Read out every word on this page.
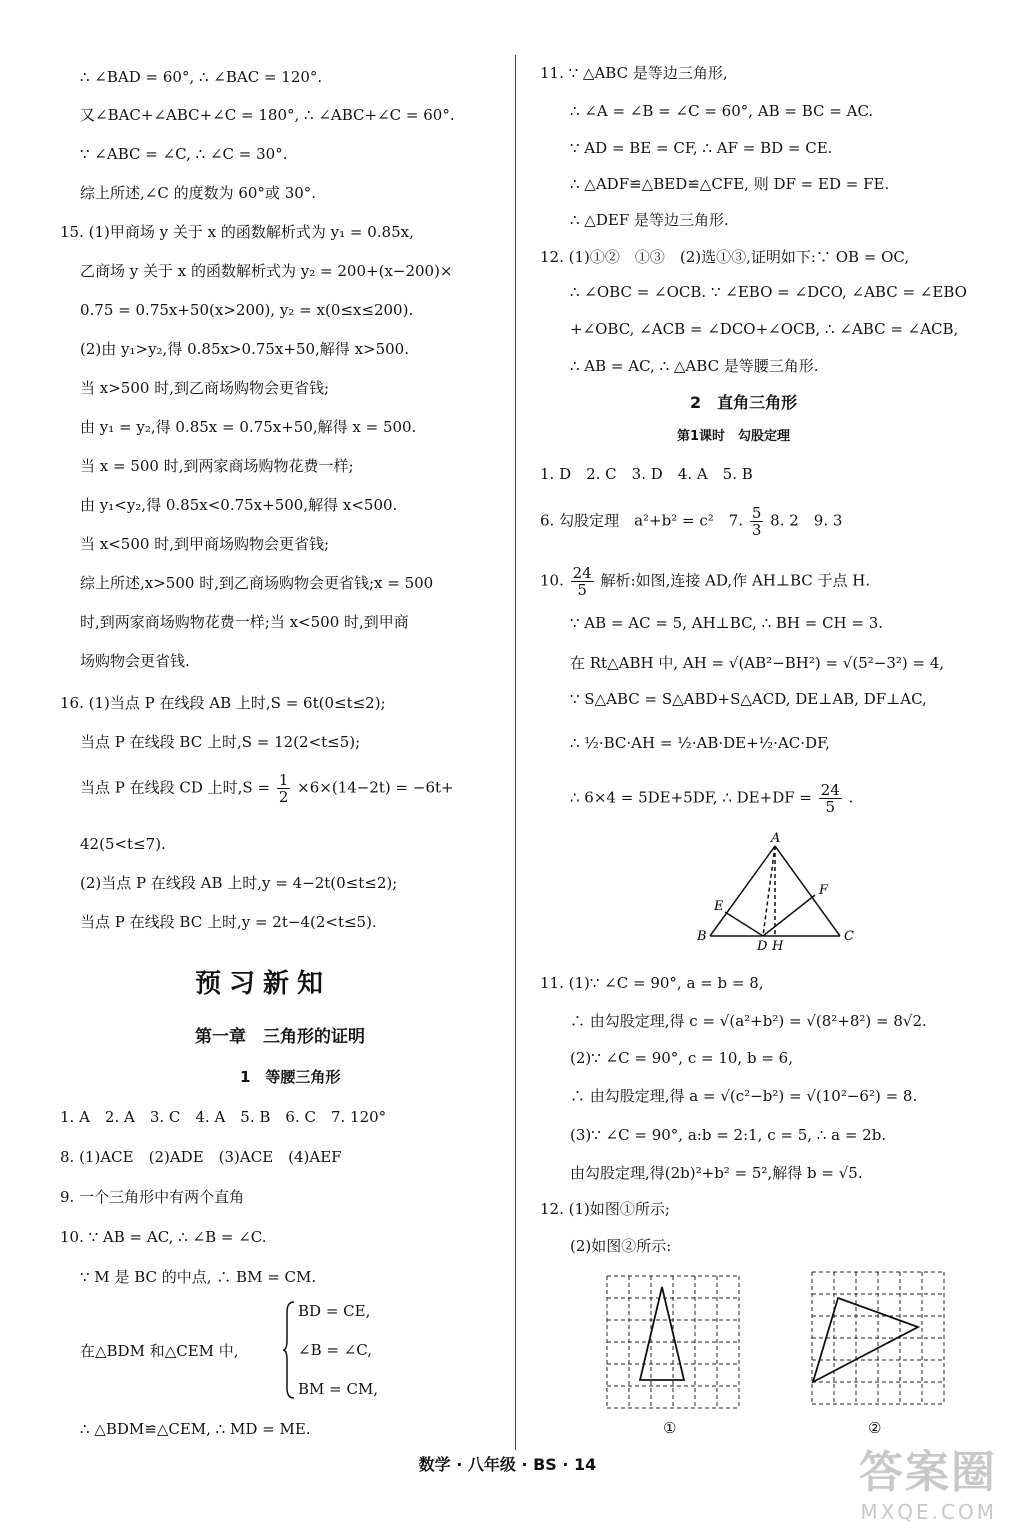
∴ ∠BAD = 60°, ∴ ∠BAC = 120°.
又∠BAC+∠ABC+∠C = 180°, ∴ ∠ABC+∠C = 60°.
∵ ∠ABC = ∠C, ∴ ∠C = 30°.
综上所述,∠C 的度数为 60°或 30°.
15. (1)甲商场 y 关于 x 的函数解析式为 y₁ = 0.85x,
乙商场 y 关于 x 的函数解析式为 y₂ = 200+(x−200)×
0.75 = 0.75x+50(x>200), y₂ = x(0≤x≤200).
(2)由 y₁>y₂,得 0.85x>0.75x+50,解得 x>500.
当 x>500 时,到乙商场购物会更省钱;
由 y₁ = y₂,得 0.85x = 0.75x+50,解得 x = 500.
当 x = 500 时,到两家商场购物花费一样;
由 y₁<y₂,得 0.85x<0.75x+500,解得 x<500.
当 x<500 时,到甲商场购物会更省钱;
综上所述,x>500 时,到乙商场购物会更省钱;x = 500
时,到两家商场购物花费一样;当 x<500 时,到甲商
场购物会更省钱.
16. (1)当点 P 在线段 AB 上时,S = 6t(0≤t≤2);
当点 P 在线段 BC 上时,S = 12(2<t≤5);
当点 P 在线段 CD 上时$,S = \frac{1}{2} \times 6\times(14-2t) = -6t+$
42(5<t≤7).
(2)当点 P 在线段 AB 上时,y = 4−2t(0≤t≤2);
当点 P 在线段 BC 上时,y = 2t−4(2<t≤5).
预习新知
第一章　三角形的证明
1　等腰三角形
1. A　2. A　3. C　4. A　5. B　6. C　7. 120°
8. (1)ACE　(2)ADE　(3)ACE　(4)AEF
9. 一个三角形中有两个直角
10. ∵ AB = AC, ∴ ∠B = ∠C.
∵ M 是 BC 的中点, ∴ BM = CM.
在△BDM 和△CEM 中,
BD = CE,
∠B = ∠C,
BM = CM,
∴ △BDM≌△CEM, ∴ MD = ME.
11. ∵ △ABC 是等边三角形,
∴ ∠A = ∠B = ∠C = 60°, AB = BC = AC.
∵ AD = BE = CF, ∴ AF = BD = CE.
∴ △ADF≌△BED≌△CFE, 则 DF = ED = FE.
∴ △DEF 是等边三角形.
12. (1)①②　①③　(2)选①③,证明如下:∵ OB = OC,
∴ ∠OBC = ∠OCB. ∵ ∠EBO = ∠DCO, ∠ABC = ∠EBO
+∠OBC, ∠ACB = ∠DCO+∠OCB, ∴ ∠ABC = ∠ACB,
∴ AB = AC, ∴ △ABC 是等腰三角形.
2　直角三角形
第1课时　勾股定理
1. D　2. C　3. D　4. A　5. B
6. 勾股定理　a²+b² = c²　7. $\frac{5}{3} 8$. 2　9. 3
10. $\frac{24}{5}$ 解析:如图,连接 AD,作 AH⊥BC 于点 H.
∵ AB = AC = 5, AH⊥BC, ∴ BH = CH = 3.
在 Rt△ABH 中, AH = √(AB²−BH²) = √(5²−3²) = 4,
∵ S△ABC = S△ABD+S△ACD, DE⊥AB, DF⊥AC,
∴ ½·BC·AH = ½·AB·DE+½·AC·DF,
∴ 6×4 = 5DE+5DF, ∴ $DE+DF = \frac{24}{5}$ .
A
B	C
D H
E
F
11. (1)∵ ∠C = 90°, a = b = 8,
∴ 由勾股定理,得 c = √(a²+b²) = √(8²+8²) = 8√2.
(2)∵ ∠C = 90°, c = 10, b = 6,
∴ 由勾股定理,得 a = √(c²−b²) = √(10²−6²) = 8.
(3)∵ ∠C = 90°, a:b = 2:1, c = 5, ∴ a = 2b.
由勾股定理,得(2b)²+b² = 5²,解得 b = √5.
12. (1)如图①所示;
(2)如图②所示:
①	②
数学 · 八年级 · BS · 14	答案圈
MXQE.COM
